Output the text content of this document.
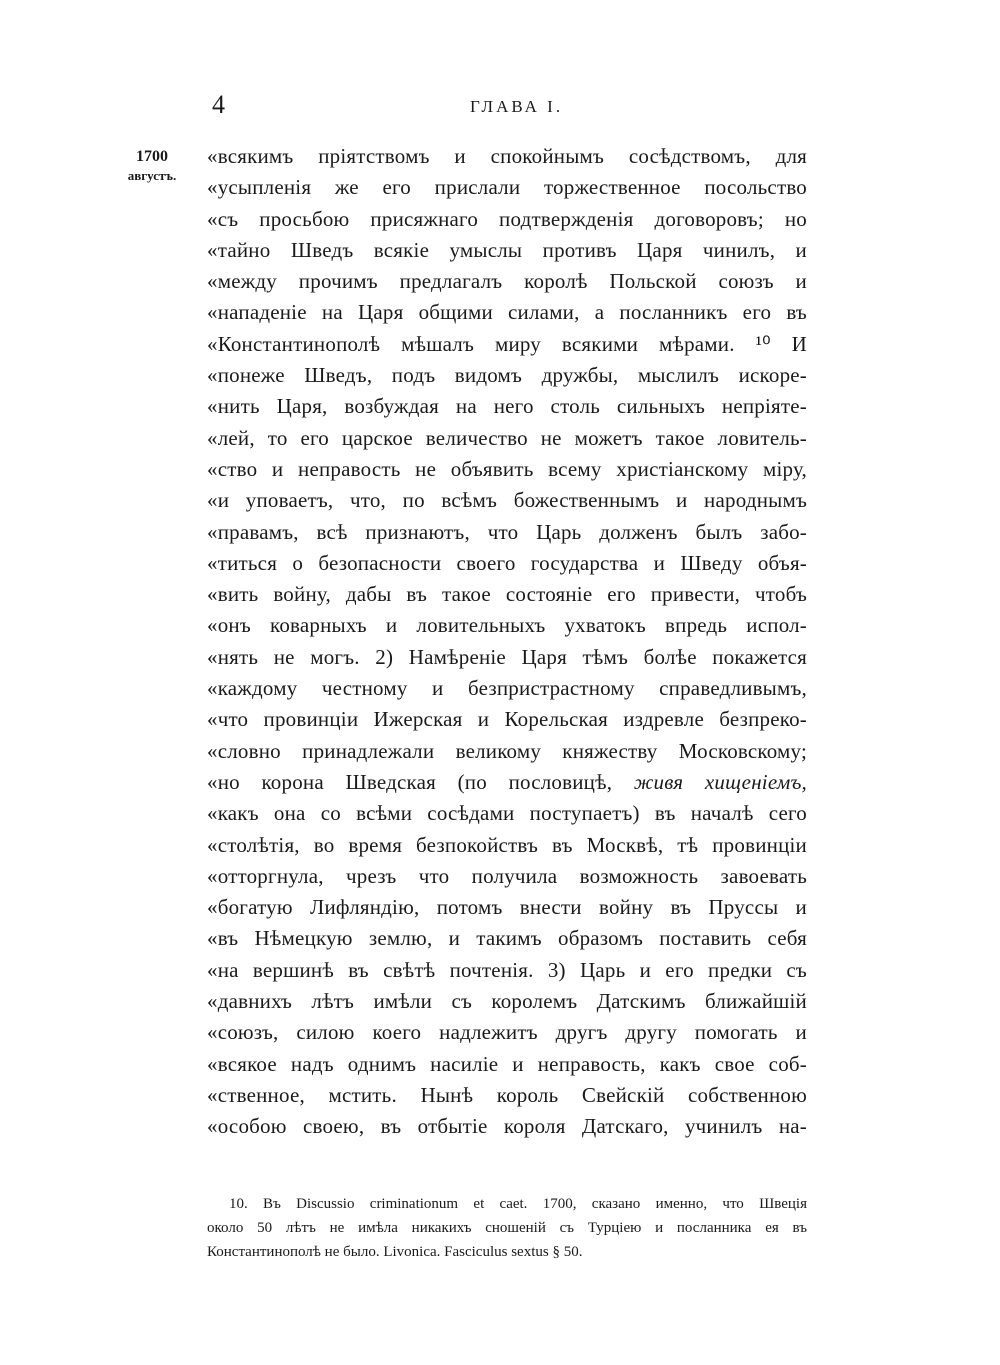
4	ГЛАВА I.
1700
августъ.
«всякимъ пріятствомъ и спокойнымъ сосѣдствомъ, для
«усыпленія же его прислали торжественное посольство
«съ просьбою присяжнаго подтвержденія договоровъ; но
«тайно Шведъ всякіе умыслы противъ Царя чинилъ, и
«между прочимъ предлагалъ королѣ Польской союзъ и
«нападеніе на Царя общими силами, а посланникъ его въ
«Константинополѣ мѣшалъ миру всякими мѣрами. ¹⁰ И
«понеже Шведъ, подъ видомъ дружбы, мыслилъ искоре-
«нить Царя, возбуждая на него столь сильныхъ непріяте-
«лей, то его царское величество не можетъ такое ловитель-
«ство и неправость не объявить всему христіанскому міру,
«и уповаетъ, что, по всѣмъ божественнымъ и народнымъ
«правамъ, всѣ признаютъ, что Царь долженъ былъ забо-
«титься о безопасности своего государства и Шведу объя-
«вить войну, дабы въ такое состояніе его привести, чтобъ
«онъ коварныхъ и ловительныхъ ухватокъ впредь испол-
«нять не могъ. 2) Намѣреніе Царя тѣмъ болѣе покажется
«каждому честному и безпристрастному справедливымъ,
«что провинціи Ижерская и Корельская издревле безпреко-
«словно принадлежали великому княжеству Московскому;
«но корона Шведская (по пословицѣ, живя хищеніемъ,
«какъ она со всѣми сосѣдами поступаетъ) въ началѣ сего
«столѣтія, во время безпокойствъ въ Москвѣ, тѣ провинціи
«отторгнула, чрезъ что получила возможность завоевать
«богатую Лифляндію, потомъ внести войну въ Пруссы и
«въ Нѣмецкую землю, и такимъ образомъ поставить себя
«на вершинѣ въ свѣтѣ почтенія. 3) Царь и его предки съ
«давнихъ лѣтъ имѣли съ королемъ Датскимъ ближайшій
«союзъ, силою коего надлежитъ другъ другу помогать и
«всякое надъ однимъ насиліе и неправость, какъ свое соб-
«ственное, мстить. Нынѣ король Свейскій собственною
«особою своею, въ отбытіе короля Датскаго, учинилъ на-
10. Въ Discussio criminationum et caet. 1700, сказано именно, что Швеція
около 50 лѣтъ не имѣла никакихъ сношеній съ Турціею и посланника ея въ
Константинополѣ не было. Livonica. Fasciculus sextus § 50.
